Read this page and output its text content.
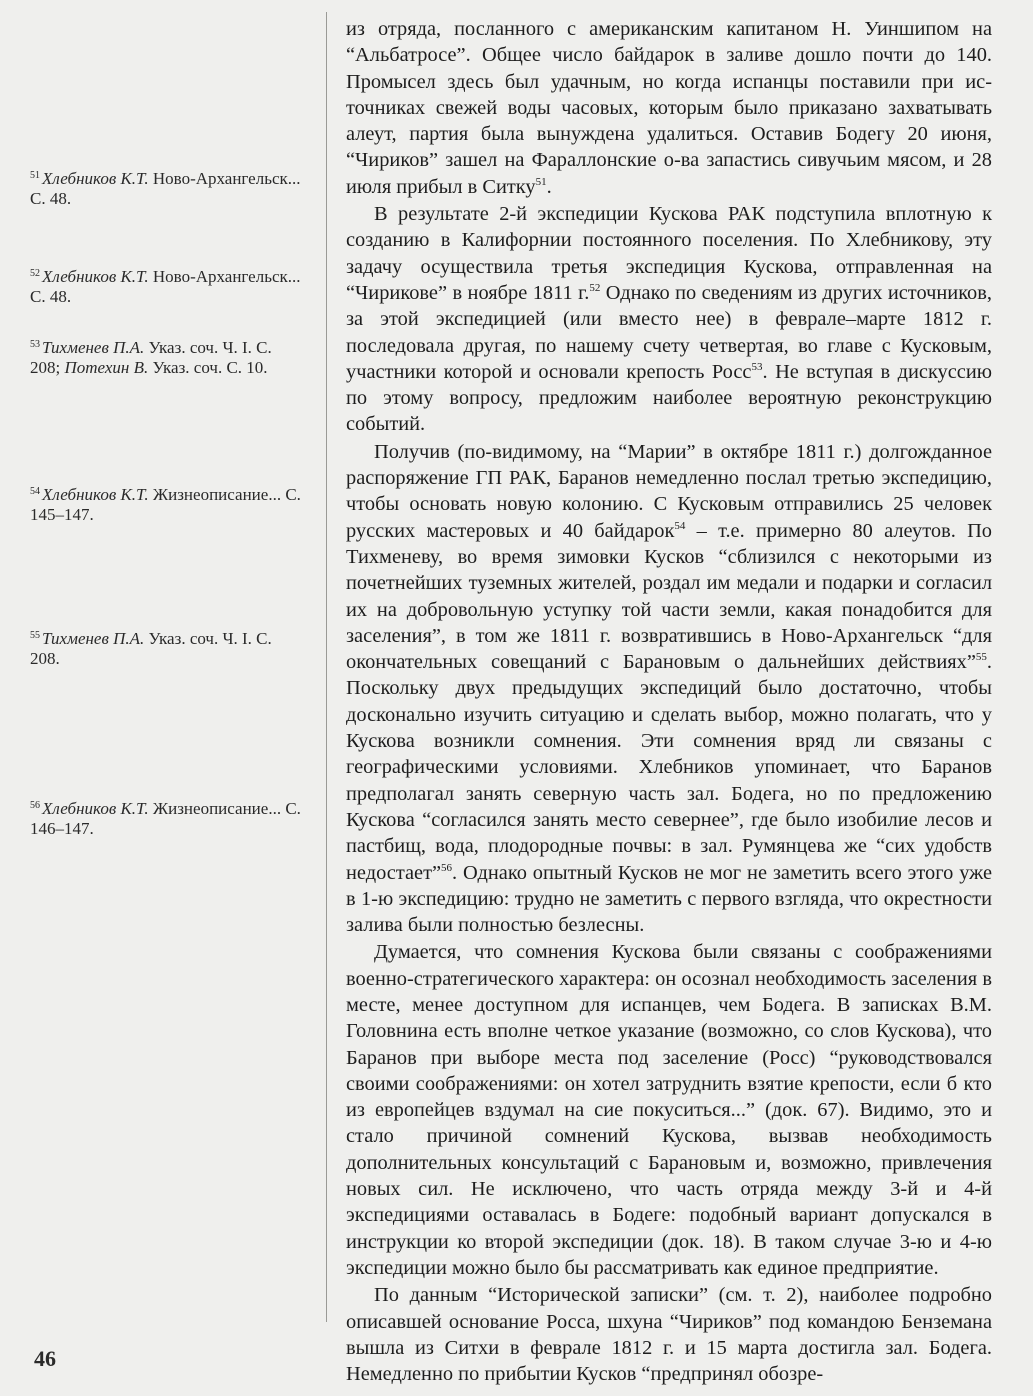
$^{51}$ Хлебников К.Т. Ново-Архангельск... С. 48.
$^{52}$ Хлебников К.Т. Ново-Архангельск... С. 48.
$^{53}$ Тихменев П.А. Указ. соч. Ч. I. С. 208; Потехин В. Указ. соч. С. 10.
$^{54}$ Хлебников К.Т. Жизнеописание... С. 145–147.
$^{55}$ Тихменев П.А. Указ. соч. Ч. I. С. 208.
$^{56}$ Хлебников К.Т. Жизнеописание... С. 146–147.

из отряда, посланного с американским капитаном Н. Уиншипом на “Альбатросе”. Общее число байдарок в заливе дошло почти до 140. Промысел здесь был удачным, но когда испанцы поставили при источниках свежей воды часовых, которым было приказано захватывать алеут, партия была вынуждена удалиться. Оставив Бодегу 20 июня, “Чириков” зашел на Фараллонские о-ва запастись сивучьим мясом, и 28 июля прибыл в Ситку$^{51}$.

В результате 2-й экспедиции Кускова РАК подступила вплотную к созданию в Калифорнии постоянного поселения. По Хлебникову, эту задачу осуществила третья экспедиция Кускова, отправленная на “Чирикове” в ноябре 1811 г.$^{52}$ Однако по сведениям из других источников, за этой экспедицией (или вместо нее) в феврале–марте 1812 г. последовала другая, по нашему счету четвертая, во главе с Кусковым, участники которой и основали крепость Росс$^{53}$. Не вступая в дискуссию по этому вопросу, предложим наиболее вероятную реконструкцию событий.

Получив (по-видимому, на “Марии” в октябре 1811 г.) долгожданное распоряжение ГП РАК, Баранов немедленно послал третью экспедицию, чтобы основать новую колонию. С Кусковым отправились 25 человек русских мастеровых и 40 байдарок$^{54}$ – т.е. примерно 80 алеутов. По Тихменеву, во время зимовки Кусков “сблизился с некоторыми из почетнейших туземных жителей, роздал им медали и подарки и согласил их на добровольную уступку той части земли, какая понадобится для заселения”, в том же 1811 г. возвратившись в Ново-Архангельск “для окончательных совещаний с Барановым о дальнейших действиях”$^{55}$. Поскольку двух предыдущих экспедиций было достаточно, чтобы досконально изучить ситуацию и сделать выбор, можно полагать, что у Кускова возникли сомнения. Эти сомнения вряд ли связаны с географическими условиями. Хлебников упоминает, что Баранов предполагал занять северную часть зал. Бодега, но по предложению Кускова “согласился занять место севернее”, где было изобилие лесов и пастбищ, вода, плодородные почвы: в зал. Румянцева же “сих удобств недостает”$^{56}$. Однако опытный Кусков не мог не заметить всего этого уже в 1-ю экспедицию: трудно не заметить с первого взгляда, что окрестности залива были полностью безлесны.

Думается, что сомнения Кускова были связаны с соображениями военно-стратегического характера: он осознал необходимость заселения в месте, менее доступном для испанцев, чем Бодега. В записках В.М. Головнина есть вполне четкое указание (возможно, со слов Кускова), что Баранов при выборе места под заселение (Росс) “руководствовался своими соображениями: он хотел затруднить взятие крепости, если б кто из европейцев вздумал на сие покуситься...” (док. 67). Видимо, это и стало причиной сомнений Кускова, вызвав необходимость дополнительных консультаций с Барановым и, возможно, привлечения новых сил. Не исключено, что часть отряда между 3-й и 4-й экспедициями оставалась в Бодеге: подобный вариант допускался в инструкции ко второй экспедиции (док. 18). В таком случае 3-ю и 4-ю экспедиции можно было бы рассматривать как единое предприятие.

По данным “Исторической записки” (см. т. 2), наиболее подробно описавшей основание Росса, шхуна “Чириков” под командою Бенземана вышла из Ситхи в феврале 1812 г. и 15 марта достигла зал. Бодега. Немедленно по прибытии Кусков “предпринял обозре-

46
